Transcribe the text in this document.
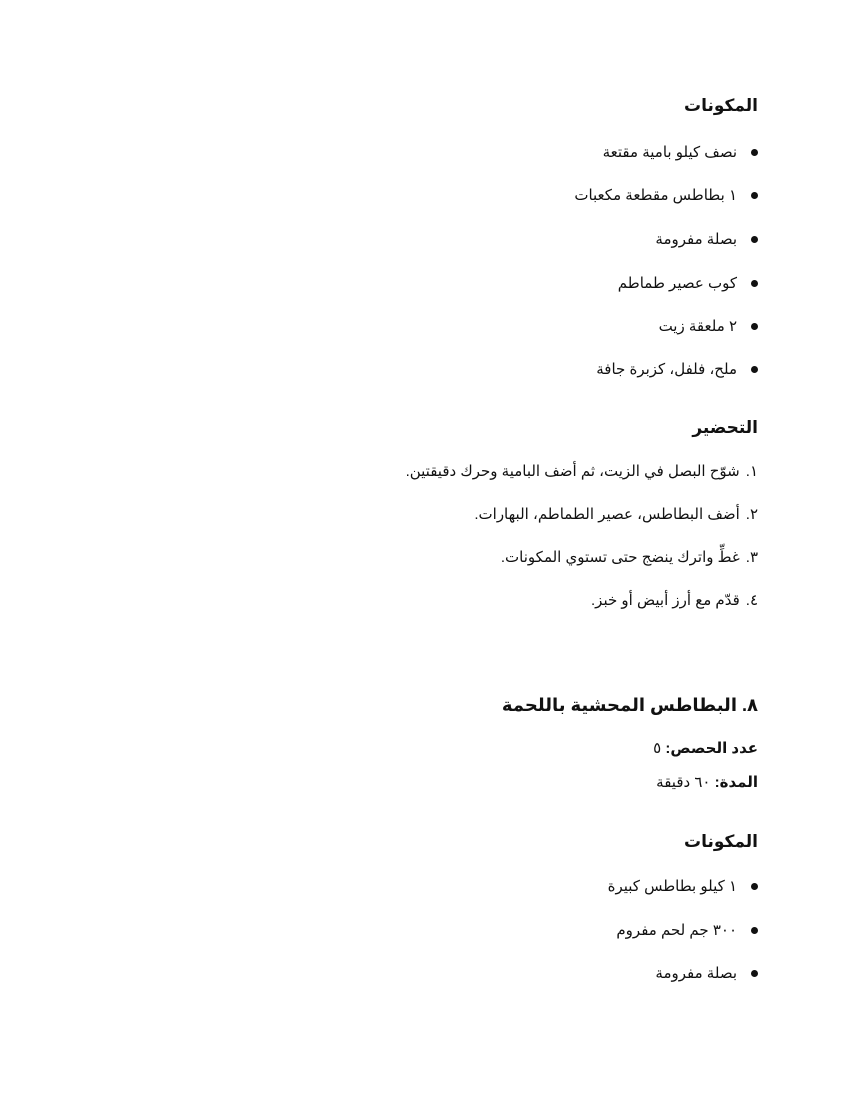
المكونات
نصف كيلو بامية مقتعة
١ بطاطس مقطعة مكعبات
بصلة مفرومة
كوب عصير طماطم
٢ ملعقة زيت
ملح، فلفل، كزبرة جافة
التحضير
١.شوّح البصل في الزيت، ثم أضف البامية وحرك دقيقتين.
٢.أضف البطاطس، عصير الطماطم، البهارات.
٣.غطِّ واترك ينضج حتى تستوي المكونات.
٤.قدّم مع أرز أبيض أو خبز.
٨. البطاطس المحشية باللحمة
عدد الحصص: ٥
المدة: ٦٠ دقيقة
المكونات
١ كيلو بطاطس كبيرة
٣٠٠ جم لحم مفروم
بصلة مفرومة
